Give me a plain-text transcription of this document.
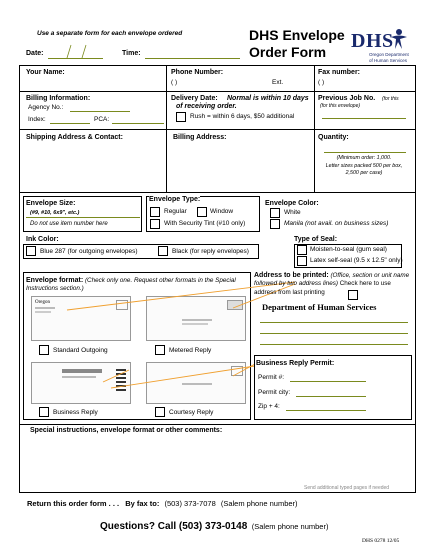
Use a separate form for each envelope ordered
Date:	Time:
DHS Envelope
Order Form	DHS
Oregon Department
of Human Services
Your Name:	Phone Number:
( )	Ext.
Fax number:
( )
Billing Information:
Agency No.:
Index:	PCA:
Delivery Date: Normal is within 10 days
of receiving order.
Rush = within 6 days, $50 additional
Previous Job No. (for this
(for this envelope)
Shipping Address & Contact:	Billing Address:	Quantity:
(Minimum order: 1,000.
Letter sizes packed 500 per box,
2,500 per case)
Envelope Size:
(#9, #10, 6x9", etc.)
Do not use item number here
Envelope Type:
Regular	Window
With Security Tint (#10 only)
Envelope Color:
White
Manila (not avail. on business sizes)
Ink Color:
Blue 287 (for outgoing envelopes)	Black (for reply envelopes)
Type of Seal:
Moisten-to-seal (gum seal)
Latex self-seal (9.5 x 12.5" only)
Envelope format: (Check only one. Request other formats in the Special Instructions section.)
Oregon
Standard Outgoing	Metered Reply
Business Reply	Courtesy Reply
Address to be printed: (Office, section or unit name followed by two address lines) Check here to use address from last printing
Department of Human Services
Business Reply Permit:
Permit #:
Permit city:
Zip + 4:
Special instructions, envelope format or other comments:
Send additional typed pages if needed
Return this order form . . . By fax to: (503) 373-7078 (Salem phone number)
Questions? Call (503) 373-0148 (Salem phone number)
DHS 0278 12/05
